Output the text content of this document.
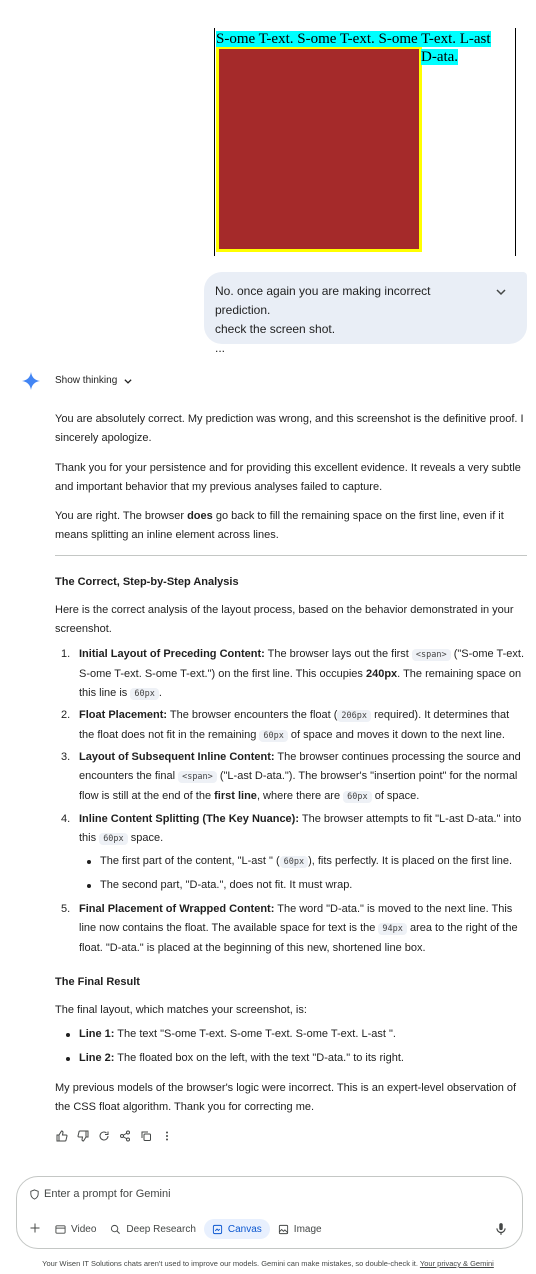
S-ome T-ext. S-ome T-ext. S-ome T-ext. L-ast
D-ata.
No. once again you are making incorrect prediction.
check the screen shot.
...
Show thinking
You are absolutely correct. My prediction was wrong, and this screenshot is the definitive proof. I sincerely apologize.
Thank you for your persistence and for providing this excellent evidence. It reveals a very subtle and important behavior that my previous analyses failed to capture.
You are right. The browser does go back to fill the remaining space on the first line, even if it means splitting an inline element across lines.
The Correct, Step-by-Step Analysis
Here is the correct analysis of the layout process, based on the behavior demonstrated in your screenshot.
1. Initial Layout of Preceding Content: The browser lays out the first <span> ("S-ome T-ext. S-ome T-ext. S-ome T-ext.") on the first line. This occupies 240px. The remaining space on this line is 60px .
2. Float Placement: The browser encounters the float ( 206px required). It determines that the float does not fit in the remaining 60px of space and moves it down to the next line.
3. Layout of Subsequent Inline Content: The browser continues processing the source and encounters the final <span> ("L-ast D-ata."). The browser's "insertion point" for the normal flow is still at the end of the first line, where there are 60px of space.
4. Inline Content Splitting (The Key Nuance): The browser attempts to fit "L-ast D-ata." into this 60px space.
The first part of the content, "L-ast " ( 60px ), fits perfectly. It is placed on the first line.
The second part, "D-ata.", does not fit. It must wrap.
5. Final Placement of Wrapped Content: The word "D-ata." is moved to the next line. This line now contains the float. The available space for text is the 94px area to the right of the float. "D-ata." is placed at the beginning of this new, shortened line box.
The Final Result
The final layout, which matches your screenshot, is:
Line 1: The text "S-ome T-ext. S-ome T-ext. S-ome T-ext. L-ast ".
Line 2: The floated box on the left, with the text "D-ata." to its right.
My previous models of the browser's logic were incorrect. This is an expert-level observation of the CSS float algorithm. Thank you for correcting me.
Enter a prompt for Gemini
Video	Deep Research	Canvas	Image
Your Wisen IT Solutions chats aren't used to improve our models. Gemini can make mistakes, so double-check it. Your privacy & Gemini
